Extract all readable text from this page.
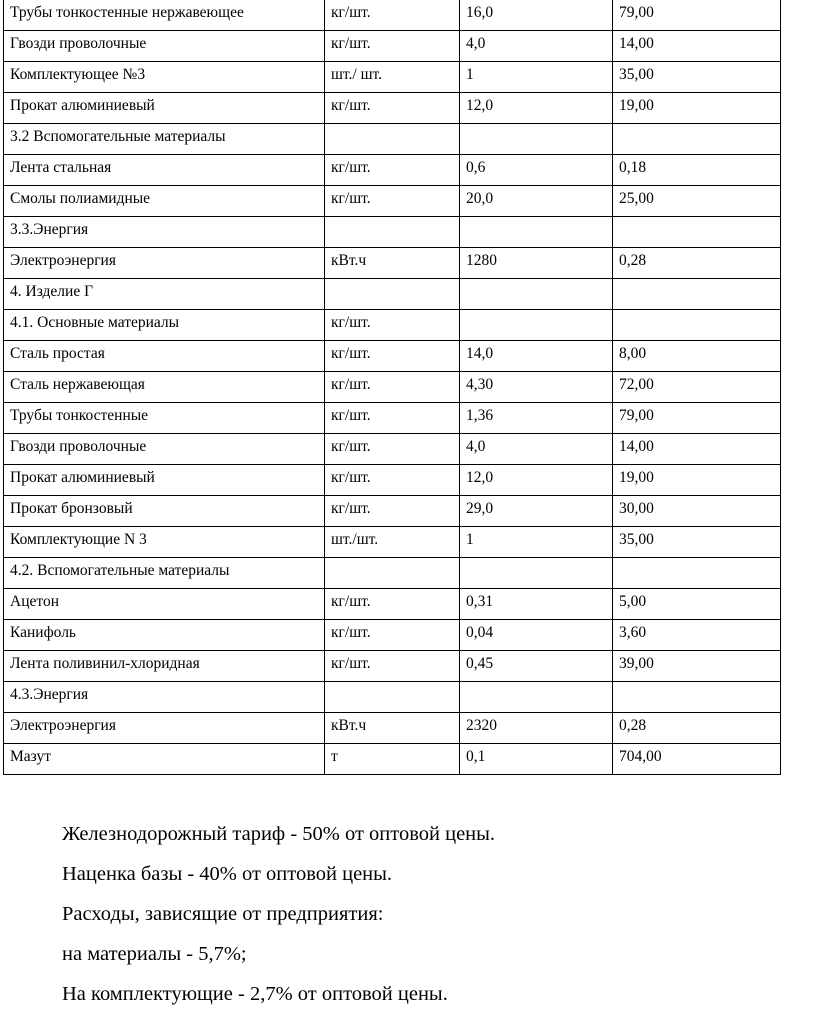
Трубы тонкостенные нержавеющее	кг/шт.	16,0	79,00
Гвозди проволочные	кг/шт.	4,0	14,00
Комплектующее №3	шт./ шт.	1	35,00
Прокат алюминиевый	кг/шт.	12,0	19,00
3.2 Вспомогательные материалы			
Лента стальная	кг/шт.	0,6	0,18
Смолы полиамидные	кг/шт.	20,0	25,00
3.3.Энергия			
Электроэнергия	кВт.ч	1280	0,28
4. Изделие Г			
4.1. Основные материалы	кг/шт.		
Сталь простая	кг/шт.	14,0	8,00
Сталь нержавеющая	кг/шт.	4,30	72,00
Трубы тонкостенные	кг/шт.	1,36	79,00
Гвозди проволочные	кг/шт.	4,0	14,00
Прокат алюминиевый	кг/шт.	12,0	19,00
Прокат бронзовый	кг/шт.	29,0	30,00
Комплектующие N 3	шт./шт.	1	35,00
4.2. Вспомогательные материалы			
Ацетон	кг/шт.	0,31	5,00
Канифоль	кг/шт.	0,04	3,60
Лента поливинил-хлоридная	кг/шт.	0,45	39,00
4.3.Энергия			
Электроэнергия	кВт.ч	2320	0,28
Мазут	т	0,1	704,00

Железнодорожный тариф - 50% от оптовой цены.

Наценка базы - 40% от оптовой цены.

Расходы, зависящие от предприятия:

на материалы - 5,7%;

На комплектующие - 2,7% от оптовой цены.
